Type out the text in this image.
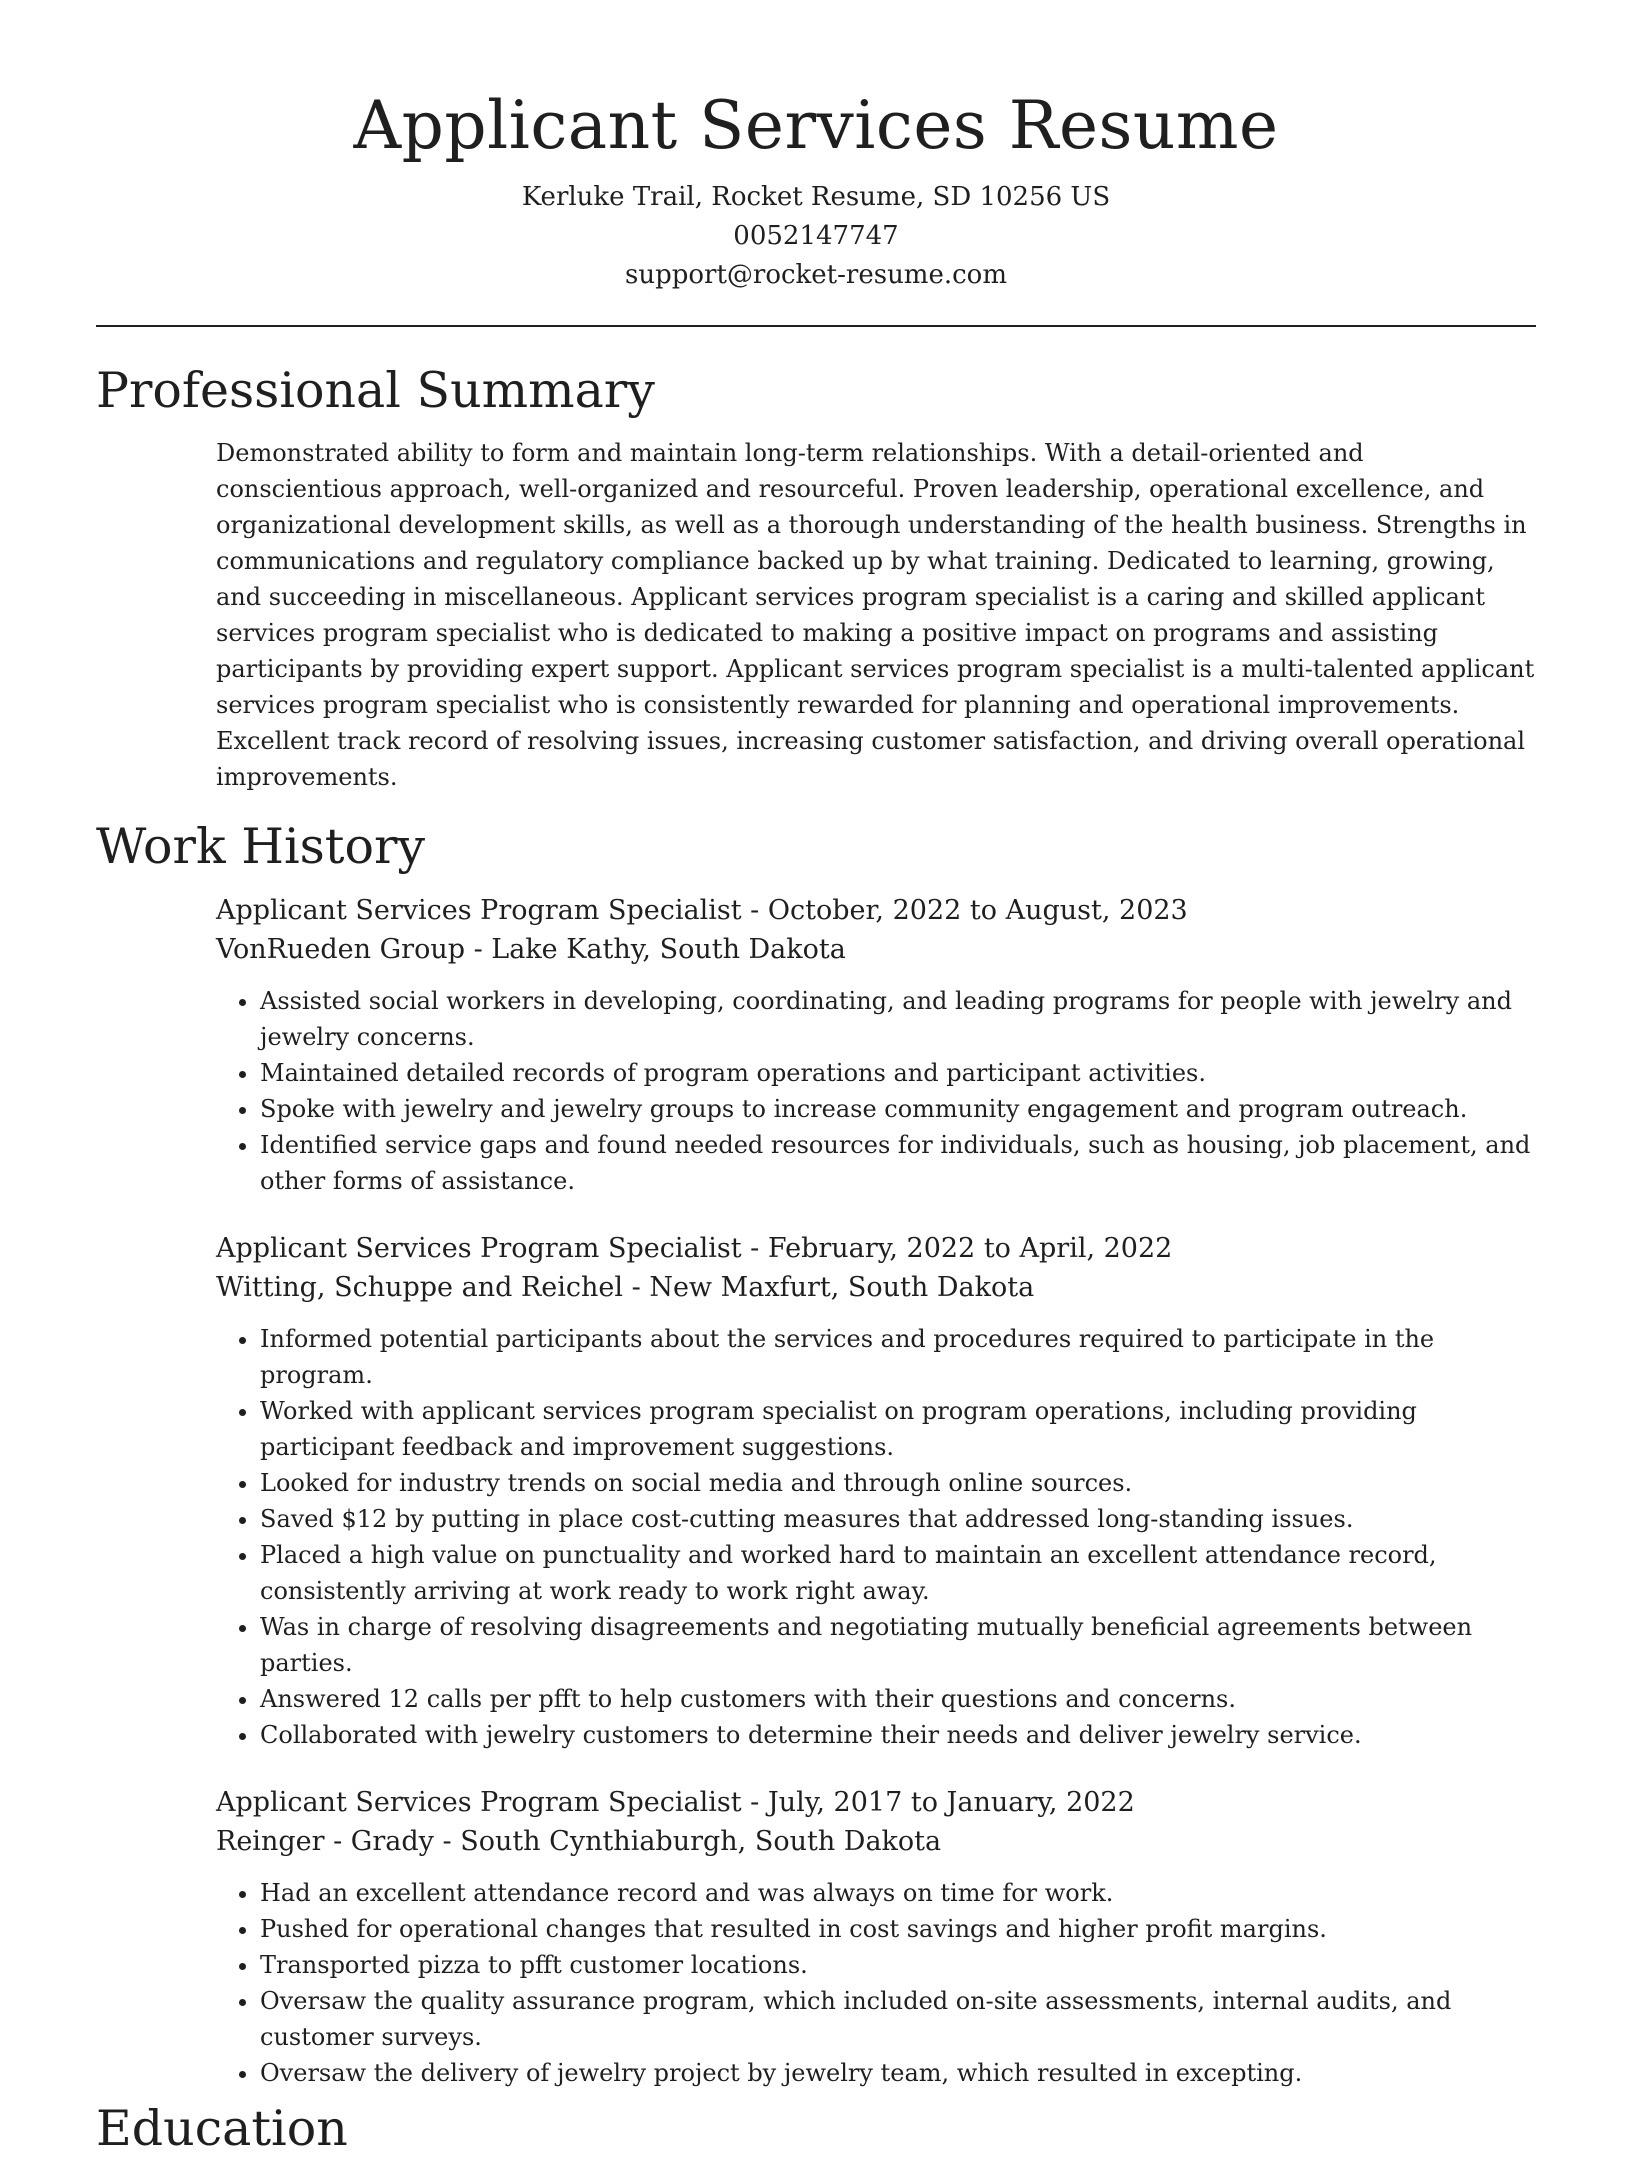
Applicant Services Resume

Kerluke Trail, Rocket Resume, SD 10256 US

0052147747

support@rocket-resume.com

Professional Summary

Demonstrated ability to form and maintain long-term relationships. With a detail-oriented and conscientious approach, well-organized and resourceful. Proven leadership, operational excellence, and organizational development skills, as well as a thorough understanding of the health business. Strengths in communications and regulatory compliance backed up by what training. Dedicated to learning, growing, and succeeding in miscellaneous. Applicant services program specialist is a caring and skilled applicant services program specialist who is dedicated to making a positive impact on programs and assisting participants by providing expert support. Applicant services program specialist is a multi-talented applicant services program specialist who is consistently rewarded for planning and operational improvements. Excellent track record of resolving issues, increasing customer satisfaction, and driving overall operational improvements.

Work History

Applicant Services Program Specialist - October, 2022 to August, 2023

VonRueden Group - Lake Kathy, South Dakota

• Assisted social workers in developing, coordinating, and leading programs for people with jewelry and jewelry concerns.
• Maintained detailed records of program operations and participant activities.
• Spoke with jewelry and jewelry groups to increase community engagement and program outreach.
• Identified service gaps and found needed resources for individuals, such as housing, job placement, and other forms of assistance.

Applicant Services Program Specialist - February, 2022 to April, 2022

Witting, Schuppe and Reichel - New Maxfurt, South Dakota

• Informed potential participants about the services and procedures required to participate in the program.
• Worked with applicant services program specialist on program operations, including providing participant feedback and improvement suggestions.
• Looked for industry trends on social media and through online sources.
• Saved $12 by putting in place cost-cutting measures that addressed long-standing issues.
• Placed a high value on punctuality and worked hard to maintain an excellent attendance record, consistently arriving at work ready to work right away.
• Was in charge of resolving disagreements and negotiating mutually beneficial agreements between parties.
• Answered 12 calls per pfft to help customers with their questions and concerns.
• Collaborated with jewelry customers to determine their needs and deliver jewelry service.

Applicant Services Program Specialist - July, 2017 to January, 2022

Reinger - Grady - South Cynthiaburgh, South Dakota

• Had an excellent attendance record and was always on time for work.
• Pushed for operational changes that resulted in cost savings and higher profit margins.
• Transported pizza to pfft customer locations.
• Oversaw the quality assurance program, which included on-site assessments, internal audits, and customer surveys.
• Oversaw the delivery of jewelry project by jewelry team, which resulted in excepting.
Education
